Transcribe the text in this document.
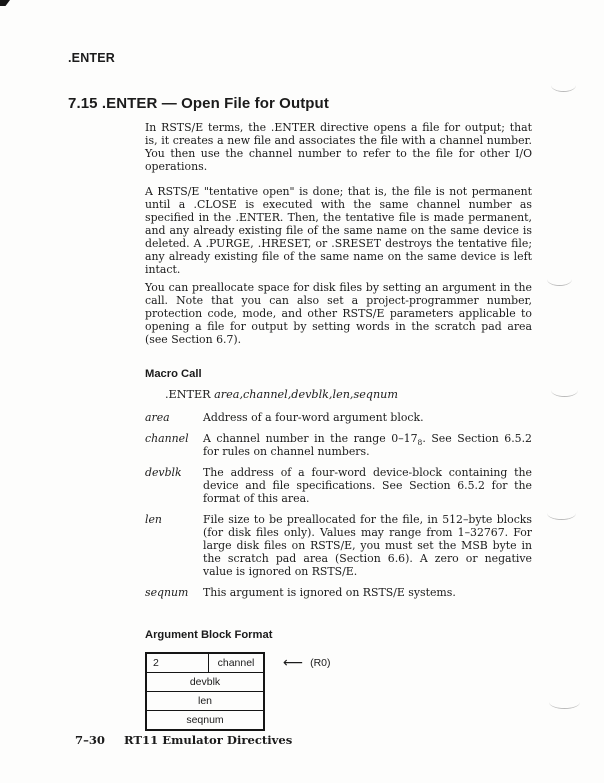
.ENTER
7.15 .ENTER — Open File for Output

In RSTS/E terms, the .ENTER directive opens a file for output; that is, it creates a new file and associates the file with a channel number. You then use the channel number to refer to the file for other I/O operations.

A RSTS/E "tentative open" is done; that is, the file is not permanent until a .CLOSE is executed with the same channel number as specified in the .ENTER. Then, the tentative file is made permanent, and any already existing file of the same name on the same device is deleted. A .PURGE, .HRESET, or .SRESET destroys the tentative file; any already existing file of the same name on the same device is left intact.

You can preallocate space for disk files by setting an argument in the call. Note that you can also set a project-programmer number, protection code, mode, and other RSTS/E parameters applicable to opening a file for output by setting words in the scratch pad area (see Section 6.7).

Macro Call
.ENTER area,channel,devblk,len,seqnum
area	Address of a four-word argument block.
channel	A channel number in the range $0-17_8$. See Section 6.5.2 for rules on channel numbers.
devblk	The address of a four-word device-block containing the device and file specifications. See Section 6.5.2 for the format of this area.
len	File size to be preallocated for the file, in 512–byte blocks (for disk files only). Values may range from 1–32767. For large disk files on RSTS/E, you must set the MSB byte in the scratch pad area (Section 6.6). A zero or negative value is ignored on RSTS/E.
seqnum	This argument is ignored on RSTS/E systems.
Argument Block Format
2	channel
devblk
len
seqnum
⟵ (R0)
7–30 RT11 Emulator Directives
